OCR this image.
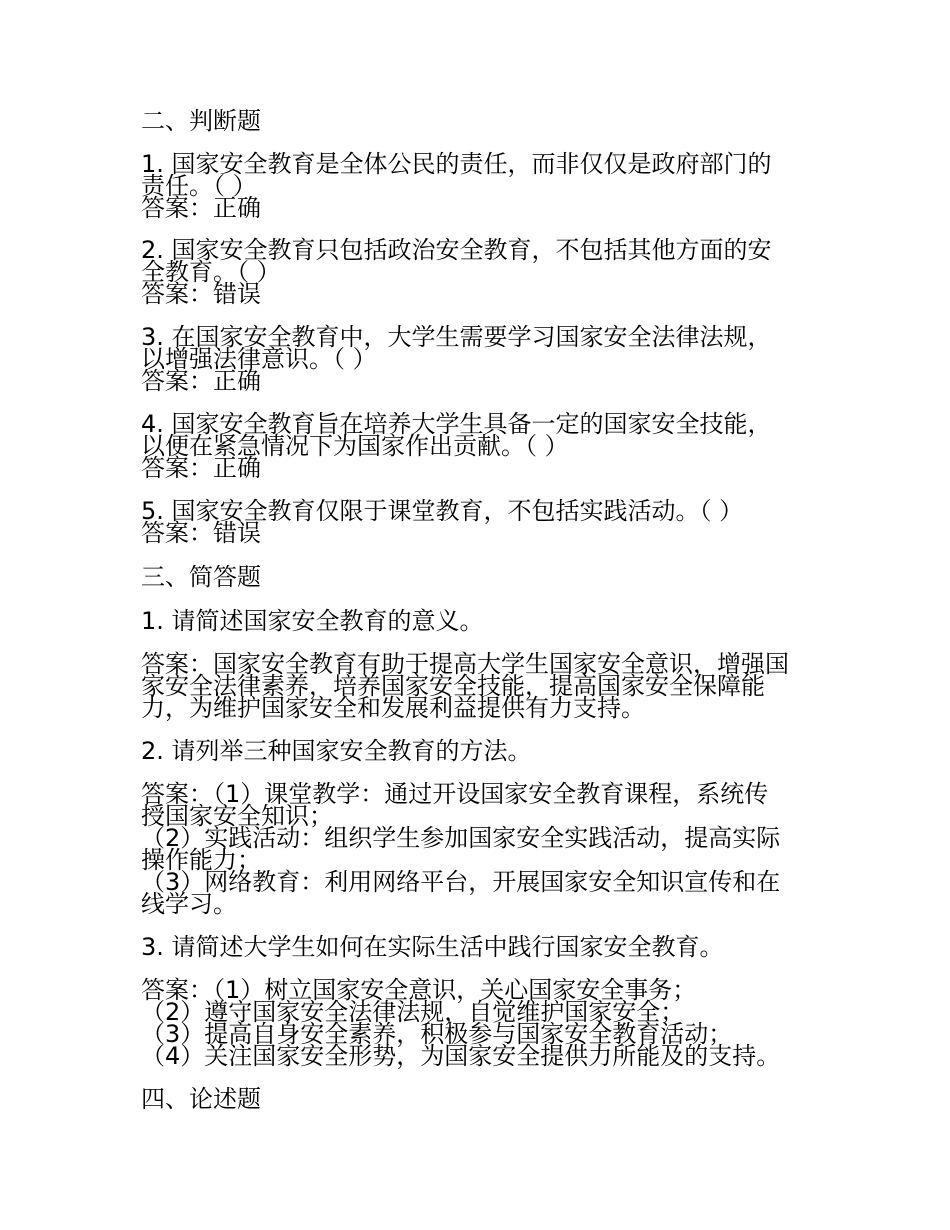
二、判断题
1. 国家安全教育是全体公民的责任，而非仅仅是政府部门的
责任。（ ）
答案：正确
2. 国家安全教育只包括政治安全教育，不包括其他方面的安
全教育。（ ）
答案：错误
3. 在国家安全教育中，大学生需要学习国家安全法律法规，
以增强法律意识。（ ）
答案：正确
4. 国家安全教育旨在培养大学生具备一定的国家安全技能，
以便在紧急情况下为国家作出贡献。（ ）
答案：正确
5. 国家安全教育仅限于课堂教育，不包括实践活动。（ ）
答案：错误
三、简答题
1. 请简述国家安全教育的意义。
答案：国家安全教育有助于提高大学生国家安全意识，增强国
家安全法律素养，培养国家安全技能，提高国家安全保障能
力，为维护国家安全和发展利益提供有力支持。
2. 请列举三种国家安全教育的方法。
答案：（1）课堂教学：通过开设国家安全教育课程，系统传
授国家安全知识；
（2）实践活动：组织学生参加国家安全实践活动，提高实际
操作能力；
（3）网络教育：利用网络平台，开展国家安全知识宣传和在
线学习。
3. 请简述大学生如何在实际生活中践行国家安全教育。
答案：（1）树立国家安全意识，关心国家安全事务；
（2）遵守国家安全法律法规，自觉维护国家安全；
（3）提高自身安全素养，积极参与国家安全教育活动；
（4）关注国家安全形势，为国家安全提供力所能及的支持。
四、论述题
